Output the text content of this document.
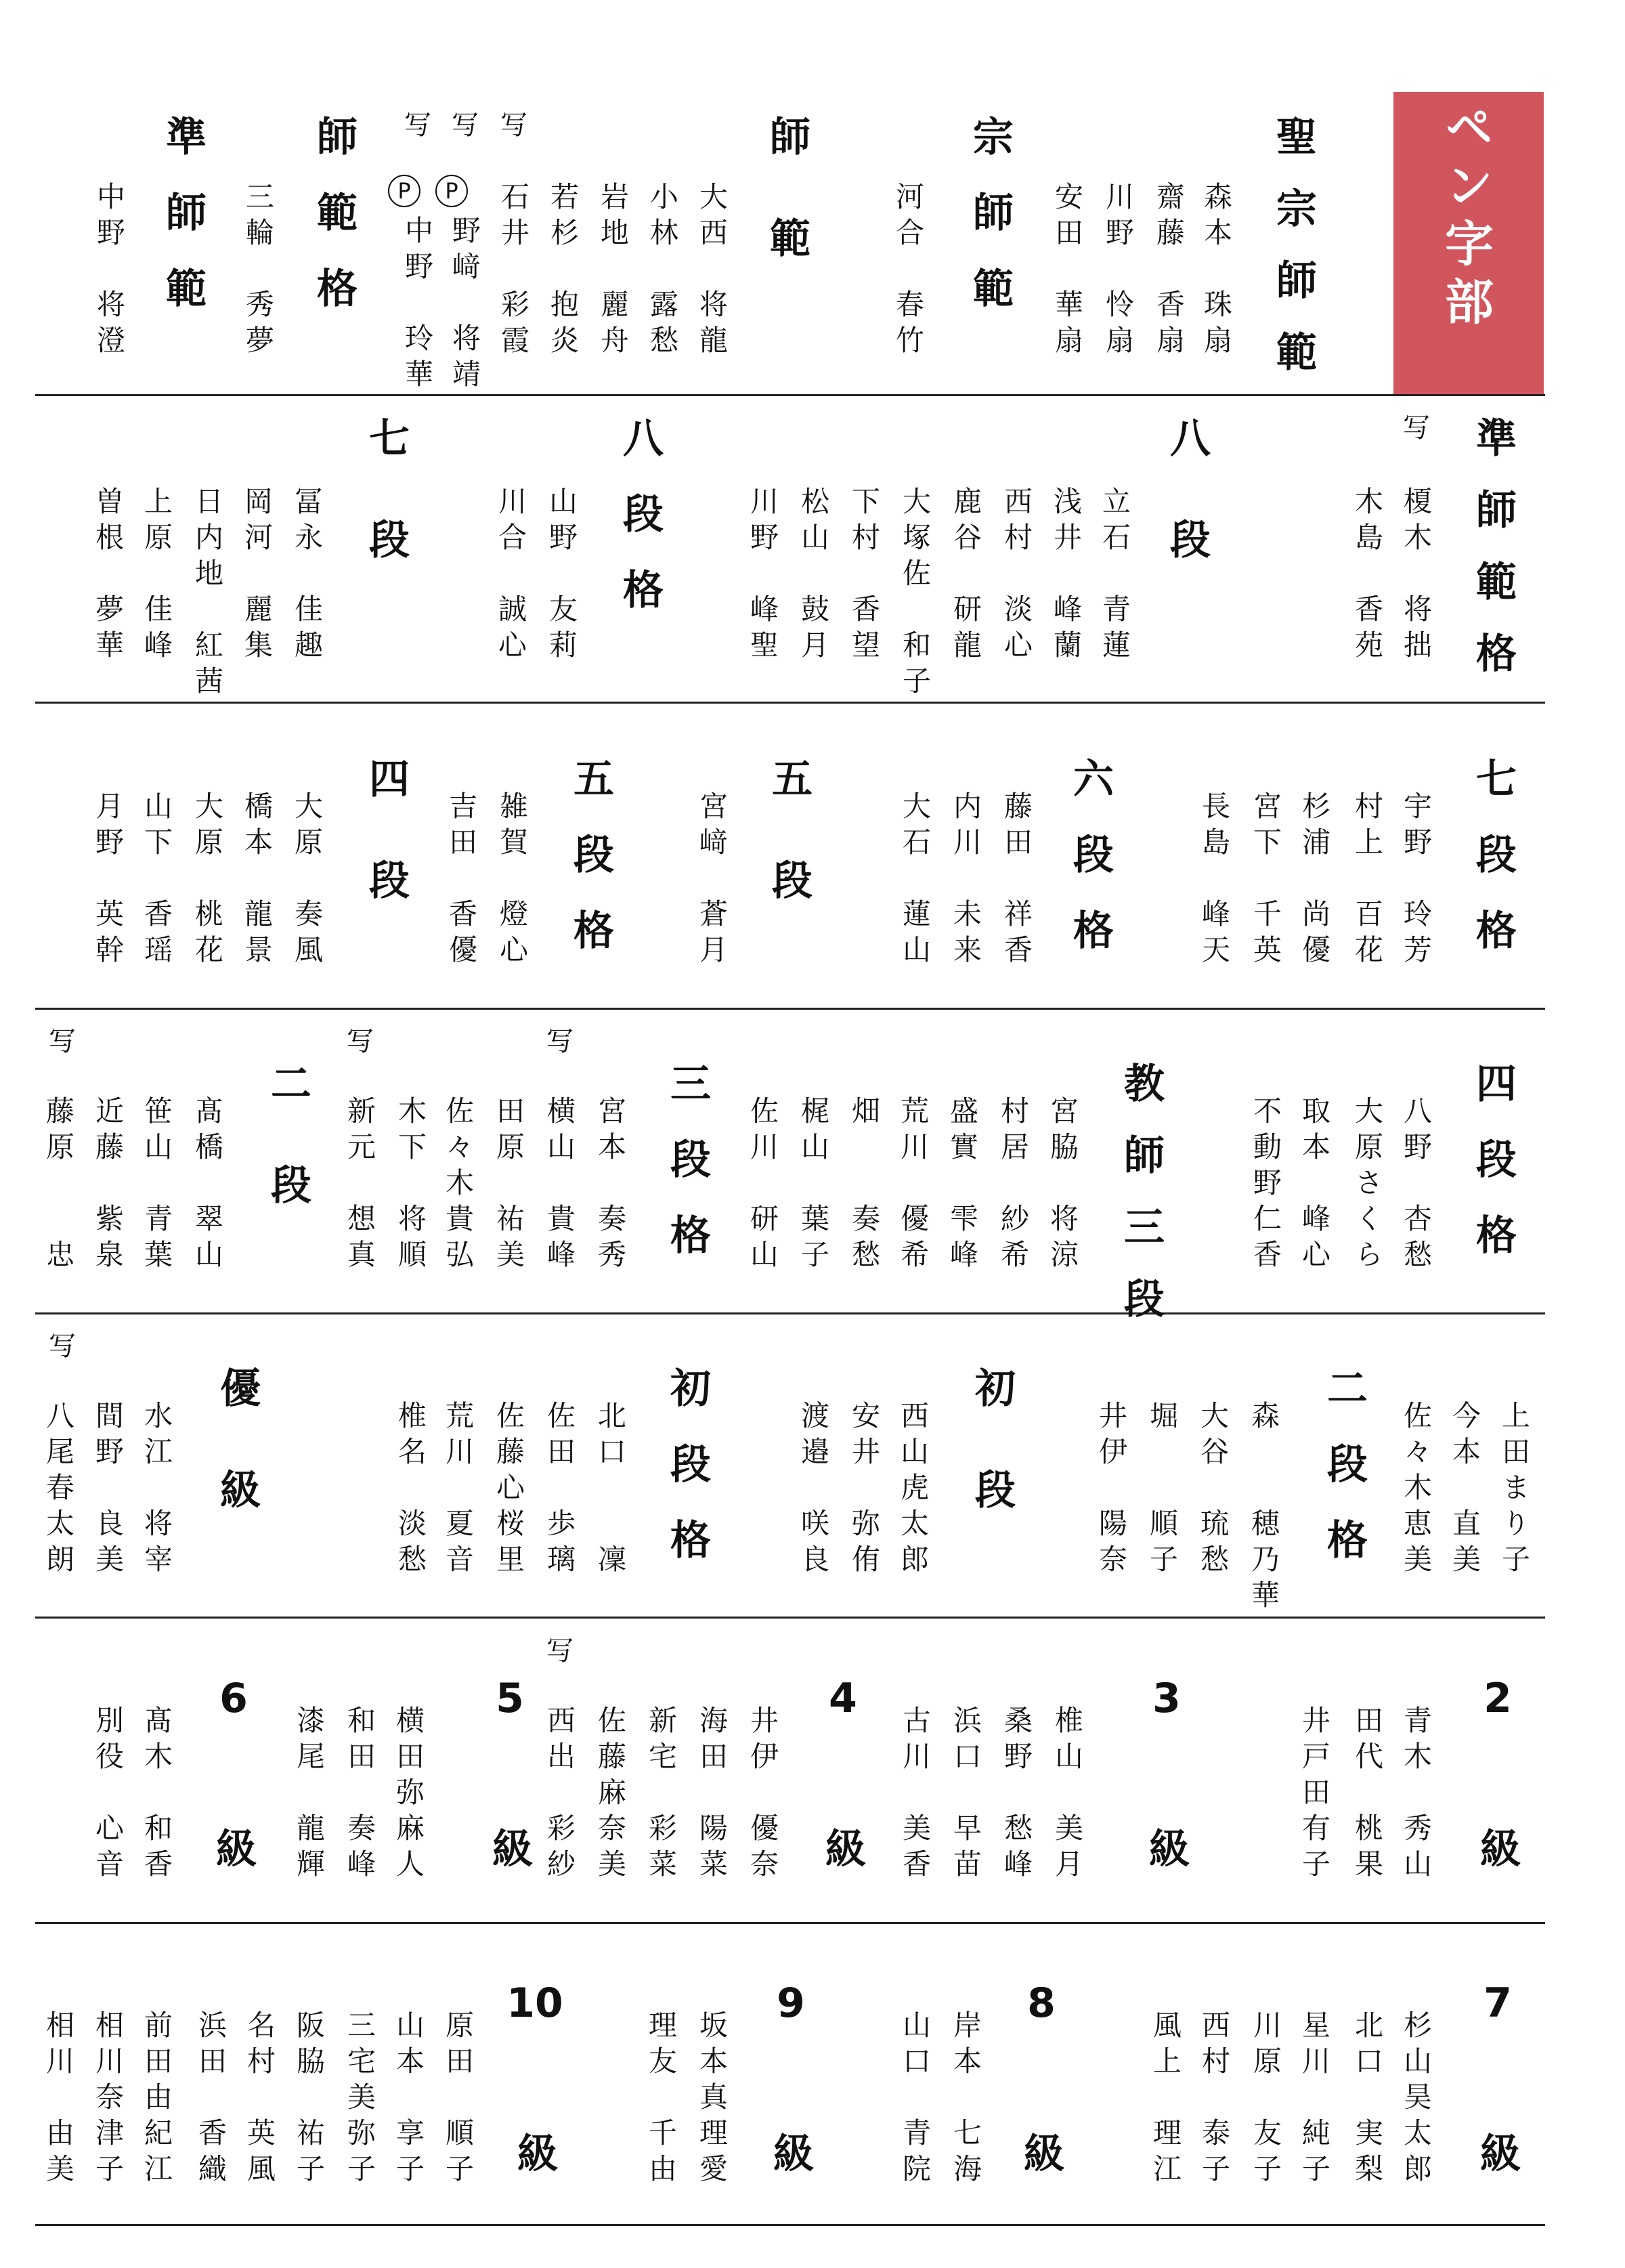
ペン字部
聖宗師範
森本　珠扇
齋藤　香扇
川野　怜扇
安田　華扇
宗師範
河合　春竹
師範
大西　将龍
小林　露愁
岩地　麗舟
若杉　抱炎
石井　彩霞
野﨑　将靖
中野　玲華
師範格
三輪　秀夢
準師範
中野　将澄
準師範格
榎木　将拙
木島　香苑
八段
立石　青蓮
浅井　峰蘭
西村　淡心
鹿谷　研龍
大塚佐　和子
下村　香望
松山　鼓月
川野　峰聖
八段格
山野　友莉
川合　誠心
七段
冨永　佳趣
岡河　麗集
日内地　紅茜
上原　佳峰
曽根　夢華
七段格
宇野　玲芳
村上　百花
杉浦　尚優
宮下　千英
長島　峰天
六段格
藤田　祥香
内川　未来
大石　蓮山
五段
宮﨑　蒼月
五段格
雑賀　燈心
吉田　香優
四段
大原　奏風
橋本　龍景
大原　桃花
山下　香瑶
月野　英幹
四段格
八野　杏愁
大原さくら
取本　峰心
不動野仁香
教師三段
宮脇　将涼
村居　紗希
盛實　雫峰
荒川　優希
畑　　奏愁
梶山　葉子
佐川　研山
三段格
宮本　奏秀
横山　貴峰
田原　祐美
佐々木貴弘
木下　将順
新元　想真
二段
髙橋　翠山
笹山　青葉
近藤　紫泉
藤原　　忠
二段格	上田まり子
今本　直美
佐々木恵美
初段	森　　穂乃華
大谷　琉愁
堀　　順子
井伊　陽奈
西山虎太郎
安井　弥侑
渡邉　咲良
初段格
北口　　凜
佐田　歩璃
佐藤心桜里
荒川　夏音
椎名　淡愁
優級
水江　将宰
間野　良美
八尾春太朗
2
級
青木　秀山
田代　桃果
井戸田有子
3
級
椎山　美月
桑野　愁峰
浜口　早苗
古川　美香
4
級
井伊　優奈
海田　陽菜
新宅　彩菜
佐藤麻奈美
西出　彩紗
5
級
横田弥麻人
和田　奏峰
漆尾　龍輝
6
級
髙木　和香
別役　心音
7
級
杉山昊太郎
北口　実梨
星川　純子
川原　友子
西村　泰子
風上　理江
8
級
岸本　七海
山口　青院
9
級
坂本真理愛
理友　千由
10
級
原田　順子
山本　享子
三宅美弥子
阪脇　祐子
名村　英風
浜田　香織
前田由紀江
相川奈津子
相川　由美
写 写 写
写
写	写	写
写
写
P	P
